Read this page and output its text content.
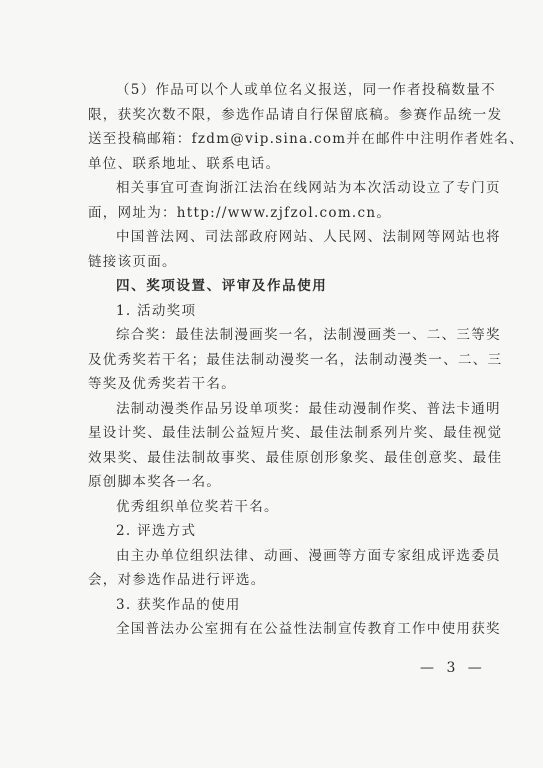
（5）作品可以个人或单位名义报送，同一作者投稿数量不
限，获奖次数不限，参选作品请自行保留底稿。参赛作品统一发
送至投稿邮箱：fzdm@vip.sina.com并在邮件中注明作者姓名、
单位、联系地址、联系电话。
相关事宜可查询浙江法治在线网站为本次活动设立了专门页
面，网址为：http://www.zjfzol.com.cn。
中国普法网、司法部政府网站、人民网、法制网等网站也将
链接该页面。
四、奖项设置、评审及作品使用
1. 活动奖项
综合奖：最佳法制漫画奖一名，法制漫画类一、二、三等奖
及优秀奖若干名；最佳法制动漫奖一名，法制动漫类一、二、三
等奖及优秀奖若干名。
法制动漫类作品另设单项奖：最佳动漫制作奖、普法卡通明
星设计奖、最佳法制公益短片奖、最佳法制系列片奖、最佳视觉
效果奖、最佳法制故事奖、最佳原创形象奖、最佳创意奖、最佳
原创脚本奖各一名。
优秀组织单位奖若干名。
2. 评选方式
由主办单位组织法律、动画、漫画等方面专家组成评选委员
会，对参选作品进行评选。
3. 获奖作品的使用
全国普法办公室拥有在公益性法制宣传教育工作中使用获奖
— 3 —
